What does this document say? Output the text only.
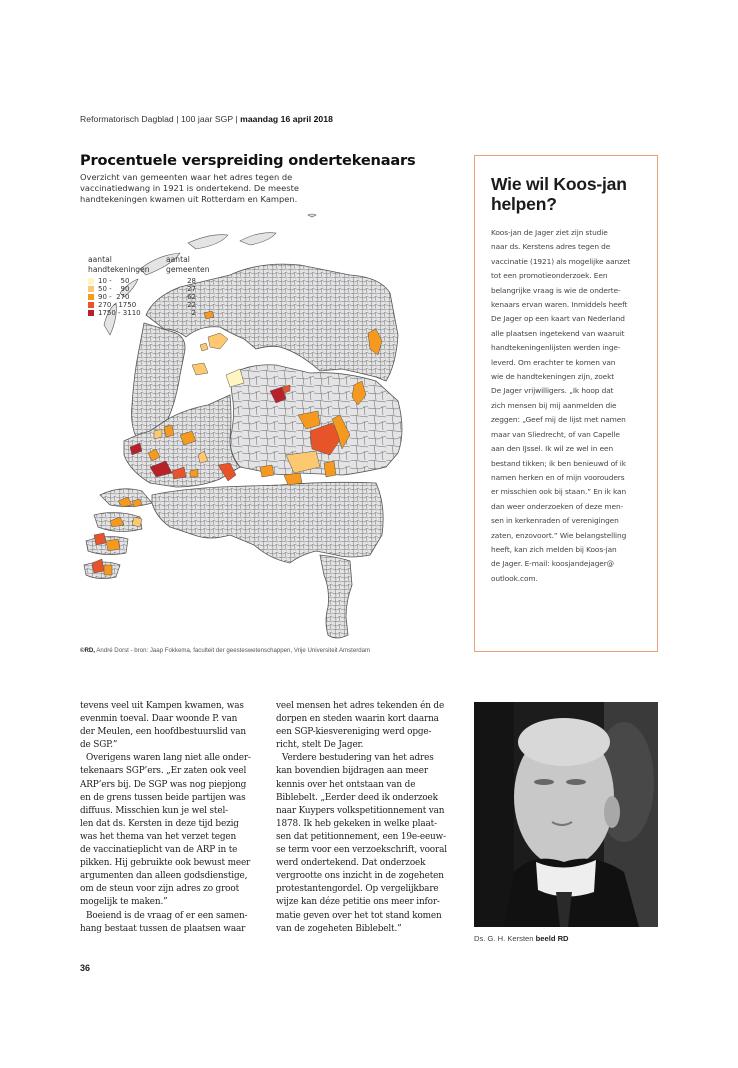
Reformatorisch Dagblad | 100 jaar SGP | maandag 16 april 2018
Procentuele verspreiding ondertekenaars
Overzicht van gemeenten waar het adres tegen de vaccinatiedwang in 1921 is ondertekend. De meeste handtekeningen kwamen uit Rotterdam en Kampen.
aantal
handtekeningen
aantal
gemeenten
10 -    50	28
50 -    90	27
90 -  270	62
270 - 1750	22
1750 - 3110	2
©RD, André Dorst - bron: Jaap Fokkema, faculteit der geesteswetenschappen, Vrije Universiteit Amsterdam
Wie wil Koos-jan helpen?
Koos-jan de Jager ziet zijn studie
naar ds. Kerstens adres tegen de
vaccinatie (1921) als mogelijke aanzet
tot een promotieonderzoek. Een
belangrijke vraag is wie de onderte-
kenaars ervan waren. Inmiddels heeft
De Jager op een kaart van Nederland
alle plaatsen ingetekend van waaruit
handtekeningenlijsten werden inge-
leverd. Om erachter te komen van
wie de handtekeningen zijn, zoekt
De Jager vrijwilligers. „Ik hoop dat
zich mensen bij mij aanmelden die
zeggen: „Geef mij de lijst met namen
maar van Sliedrecht, of van Capelle
aan den IJssel. Ik wil ze wel in een
bestand tikken; ik ben benieuwd of ik
namen herken en of mijn voorouders
er misschien ook bij staan.” En ik kan
dan weer onderzoeken of deze men-
sen in kerkenraden of verenigingen
zaten, enzovoort.” Wie belangstelling
heeft, kan zich melden bij Koos-jan
de Jager. E-mail: koosjandejager@
outlook.com.
tevens veel uit Kampen kwamen, was
evenmin toeval. Daar woonde P. van
der Meulen, een hoofdbestuurslid van
de SGP.”
Overigens waren lang niet alle onder-
tekenaars SGP’ers. „Er zaten ook veel
ARP’ers bij. De SGP was nog piepjong
en de grens tussen beide partijen was
diffuus. Misschien kun je wel stel-
len dat ds. Kersten in deze tijd bezig
was het thema van het verzet tegen
de vaccinatieplicht van de ARP in te
pikken. Hij gebruikte ook bewust meer
argumenten dan alleen godsdienstige,
om de steun voor zijn adres zo groot
mogelijk te maken.”
Boeiend is de vraag of er een samen-
hang bestaat tussen de plaatsen waar
veel mensen het adres tekenden én de
dorpen en steden waarin kort daarna
een SGP-kiesvereniging werd opge-
richt, stelt De Jager.
Verdere bestudering van het adres
kan bovendien bijdragen aan meer
kennis over het ontstaan van de
Biblebelt. „Eerder deed ik onderzoek
naar Kuypers volkspetitionnement van
1878. Ik heb gekeken in welke plaat-
sen dat petitionnement, een 19e-eeuw-
se term voor een verzoekschrift, vooral
werd ondertekend. Dat onderzoek
vergrootte ons inzicht in de zogeheten
protestantengordel. Op vergelijkbare
wijze kan déze petitie ons meer infor-
matie geven over het tot stand komen
van de zogeheten Biblebelt.”
Ds. G. H. Kersten beeld RD
36
